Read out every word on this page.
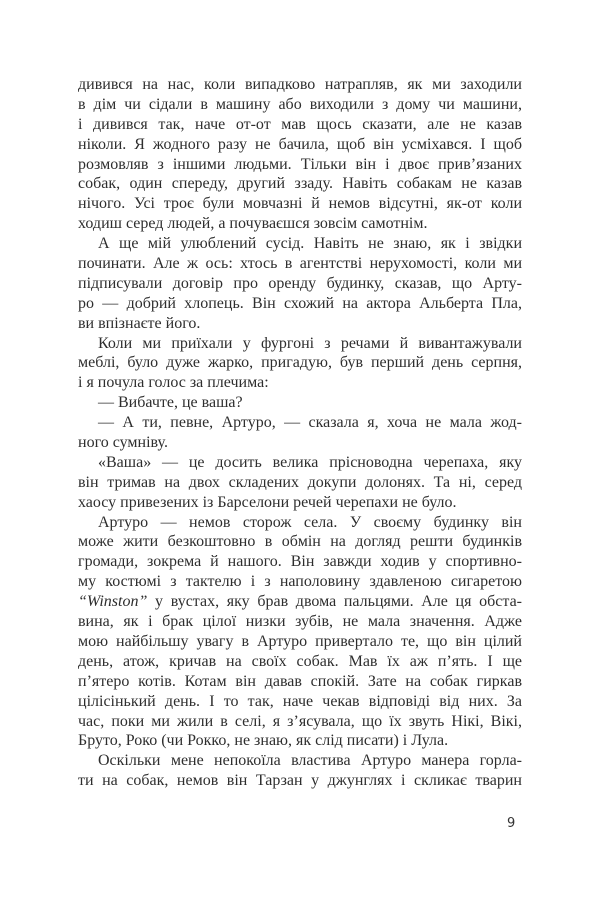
дивився на нас, коли випадково натрапляв, як ми заходили
в дім чи сідали в машину або виходили з дому чи машини,
і дивився так, наче от-от мав щось сказати, але не казав
ніколи. Я жодного разу не бачила, щоб він усміхався. І щоб
розмовляв з іншими людьми. Тільки він і двоє прив’язаних
собак, один спереду, другий ззаду. Навіть собакам не казав
нічого. Усі троє були мовчазні й немов відсутні, як-от коли
ходиш серед людей, а почуваєшся зовсім самотнім.
А ще мій улюблений сусід. Навіть не знаю, як і звідки
починати. Але ж ось: хтось в агентстві нерухомості, коли ми
підписували договір про оренду будинку, сказав, що Арту-
ро — добрий хлопець. Він схожий на актора Альберта Пла,
ви впізнаєте його.
Коли ми приїхали у фургоні з речами й вивантажували
меблі, було дуже жарко, пригадую, був перший день серпня,
і я почула голос за плечима:
— Вибачте, це ваша?
— А ти, певне, Артуро, — сказала я, хоча не мала жод-
ного сумніву.
«Ваша» — це досить велика прісноводна черепаха, яку
він тримав на двох складених докупи долонях. Та ні, серед
хаосу привезених із Барселони речей черепахи не було.
Артуро — немов сторож села. У своєму будинку він
може жити безкоштовно в обмін на догляд решти будинків
громади, зокрема й нашого. Він завжди ходив у спортивно-
му костюмі з тактелю і з наполовину здавленою сигаретою
“Winston” у вустах, яку брав двома пальцями. Але ця обста-
вина, як і брак цілої низки зубів, не мала значення. Адже
мою найбільшу увагу в Артуро привертало те, що він цілий
день, атож, кричав на своїх собак. Мав їх аж п’ять. І ще
п’ятеро котів. Котам він давав спокій. Зате на собак гиркав
цілісінький день. І то так, наче чекав відповіді від них. За
час, поки ми жили в селі, я з’ясувала, що їх звуть Нікі, Вікі,
Бруто, Роко (чи Рокко, не знаю, як слід писати) і Лула.
Оскільки мене непокоїла властива Артуро манера горла-
ти на собак, немов він Тарзан у джунглях і скликає тварин
9
